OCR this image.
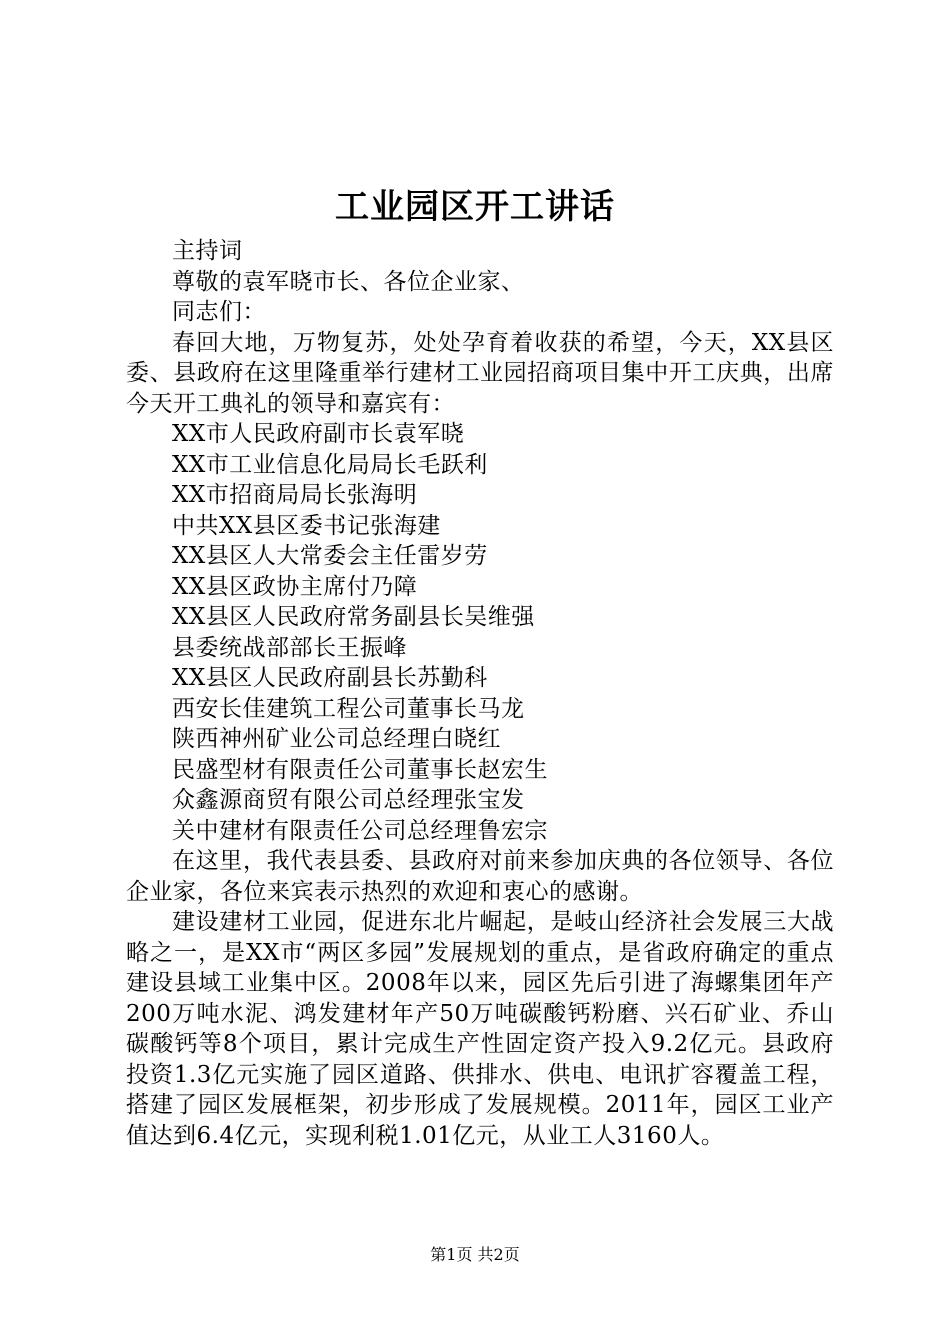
工业园区开工讲话

主持词

尊敬的袁军晓市长、各位企业家、

同志们：

春回大地，万物复苏，处处孕育着收获的希望，今天，XX县区委、县政府在这里隆重举行建材工业园招商项目集中开工庆典，出席今天开工典礼的领导和嘉宾有：

XX市人民政府副市长袁军晓

XX市工业信息化局局长毛跃利

XX市招商局局长张海明

中共XX县区委书记张海建

XX县区人大常委会主任雷岁劳

XX县区政协主席付乃障

XX县区人民政府常务副县长吴维强

县委统战部部长王振峰

XX县区人民政府副县长苏勤科

西安长佳建筑工程公司董事长马龙

陕西神州矿业公司总经理白晓红

民盛型材有限责任公司董事长赵宏生

众鑫源商贸有限公司总经理张宝发

关中建材有限责任公司总经理鲁宏宗

在这里，我代表县委、县政府对前来参加庆典的各位领导、各位企业家，各位来宾表示热烈的欢迎和衷心的感谢。

建设建材工业园，促进东北片崛起，是岐山经济社会发展三大战略之一，是XX市“两区多园”发展规划的重点，是省政府确定的重点建设县域工业集中区。2008年以来，园区先后引进了海螺集团年产200万吨水泥、鸿发建材年产50万吨碳酸钙粉磨、兴石矿业、乔山碳酸钙等8个项目，累计完成生产性固定资产投入9.2亿元。县政府投资1.3亿元实施了园区道路、供排水、供电、电讯扩容覆盖工程，搭建了园区发展框架，初步形成了发展规模。2011年，园区工业产值达到6.4亿元，实现利税1.01亿元，从业工人3160人。

第1页 共2页
